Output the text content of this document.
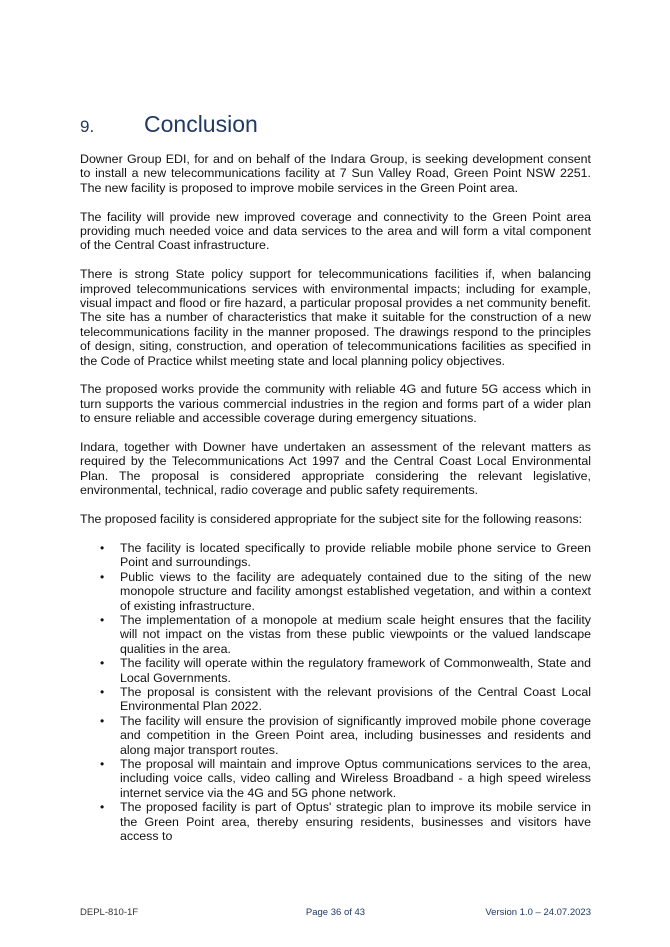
9. Conclusion

Downer Group EDI, for and on behalf of the Indara Group, is seeking development consent to install a new telecommunications facility at 7 Sun Valley Road, Green Point NSW 2251. The new facility is proposed to improve mobile services in the Green Point area.

The facility will provide new improved coverage and connectivity to the Green Point area providing much needed voice and data services to the area and will form a vital component of the Central Coast infrastructure.

There is strong State policy support for telecommunications facilities if, when balancing improved telecommunications services with environmental impacts; including for example, visual impact and flood or fire hazard, a particular proposal provides a net community benefit. The site has a number of characteristics that make it suitable for the construction of a new telecommunications facility in the manner proposed. The drawings respond to the principles of design, siting, construction, and operation of telecommunications facilities as specified in the Code of Practice whilst meeting state and local planning policy objectives.

The proposed works provide the community with reliable 4G and future 5G access which in turn supports the various commercial industries in the region and forms part of a wider plan to ensure reliable and accessible coverage during emergency situations.

Indara, together with Downer have undertaken an assessment of the relevant matters as required by the Telecommunications Act 1997 and the Central Coast Local Environmental Plan. The proposal is considered appropriate considering the relevant legislative, environmental, technical, radio coverage and public safety requirements.

The proposed facility is considered appropriate for the subject site for the following reasons:

• The facility is located specifically to provide reliable mobile phone service to Green Point and surroundings.
• Public views to the facility are adequately contained due to the siting of the new monopole structure and facility amongst established vegetation, and within a context of existing infrastructure.
• The implementation of a monopole at medium scale height ensures that the facility will not impact on the vistas from these public viewpoints or the valued landscape qualities in the area.
• The facility will operate within the regulatory framework of Commonwealth, State and Local Governments.
• The proposal is consistent with the relevant provisions of the Central Coast Local Environmental Plan 2022.
• The facility will ensure the provision of significantly improved mobile phone coverage and competition in the Green Point area, including businesses and residents and along major transport routes.
• The proposal will maintain and improve Optus communications services to the area, including voice calls, video calling and Wireless Broadband - a high speed wireless internet service via the 4G and 5G phone network.
• The proposed facility is part of Optus' strategic plan to improve its mobile service in the Green Point area, thereby ensuring residents, businesses and visitors have access to
DEPL-810-1F	Page 36 of 43	Version 1.0 – 24.07.2023
